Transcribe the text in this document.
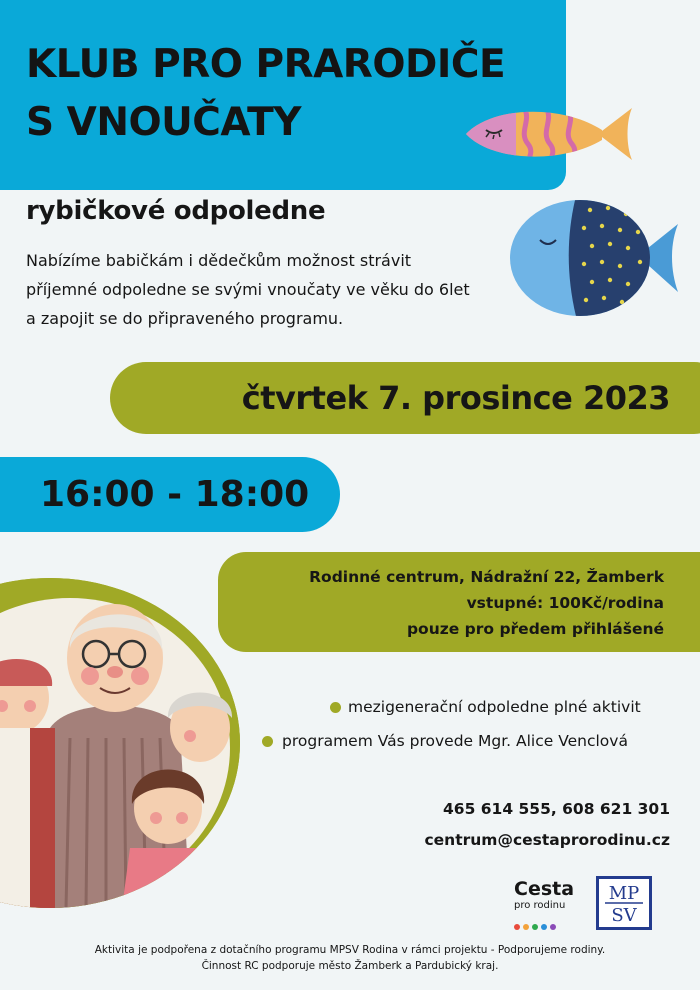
KLUB PRO PRARODIČE
S VNOUČATY
rybičkové odpoledne
Nabízíme babičkám i dědečkům možnost strávit
příjemné odpoledne se svými vnoučaty ve věku do 6let
a zapojit se do připraveného programu.
čtvrtek 7. prosince 2023
16:00 - 18:00
Rodinné centrum, Nádražní 22, Žamberk
vstupné: 100Kč/rodina
pouze pro předem přihlášené
mezigenerační odpoledne plné aktivit
programem Vás provede Mgr. Alice Venclová
465 614 555, 608 621 301
centrum@cestaprorodinu.cz
Cesta
pro rodinu
MP
SV
Aktivita je podpořena z dotačního programu MPSV Rodina v rámci projektu - Podporujeme rodiny.
Činnost RC podporuje město Žamberk a Pardubický kraj.
